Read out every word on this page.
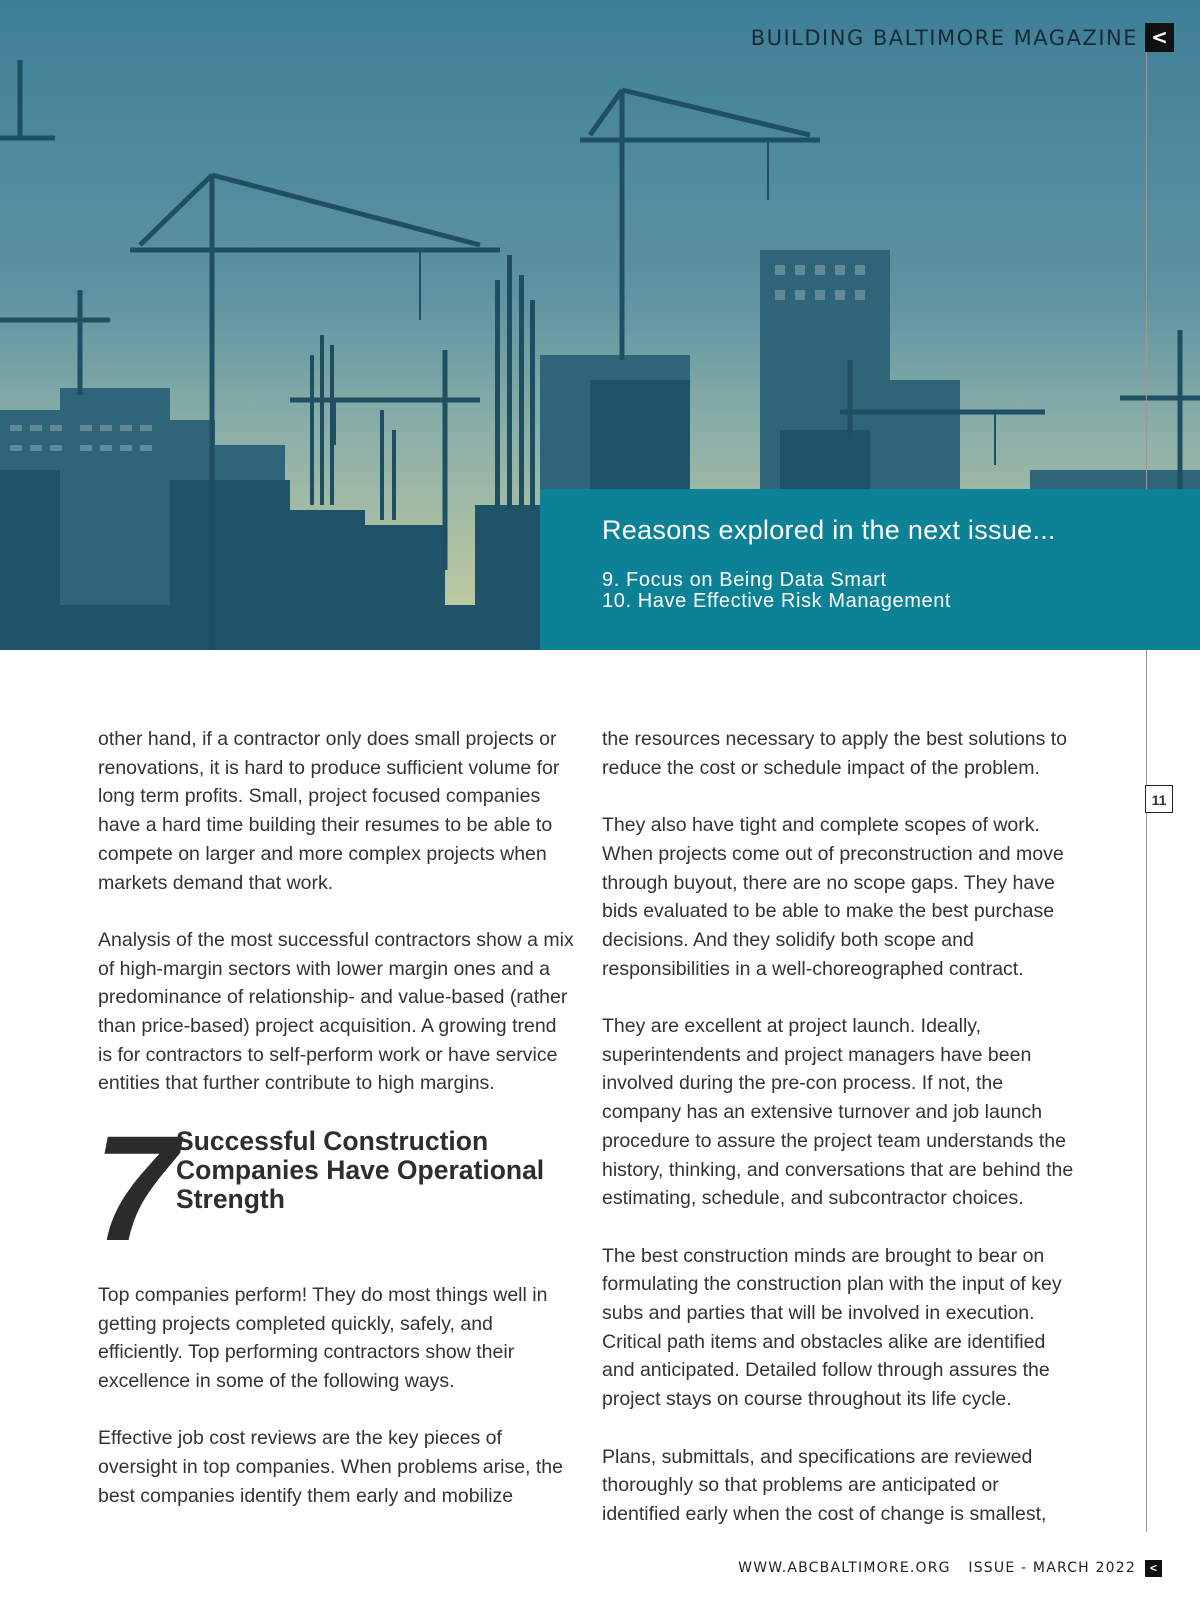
BUILDING BALTIMORE MAGAZINE <
Reasons explored in the next issue...

9. Focus on Being Data Smart

10. Have Effective Risk Management

11

other hand, if a contractor only does small projects or renovations, it is hard to produce sufficient volume for long term profits. Small, project focused companies have a hard time building their resumes to be able to compete on larger and more complex projects when markets demand that work.

Analysis of the most successful contractors show a mix of high-margin sectors with lower margin ones and a predominance of relationship- and value-based (rather than price-based) project acquisition. A growing trend is for contractors to self-perform work or have service entities that further contribute to high margins.

7 Successful Construction
Companies Have Operational
Strength

Top companies perform! They do most things well in getting projects completed quickly, safely, and efficiently. Top performing contractors show their excellence in some of the following ways.

Effective job cost reviews are the key pieces of oversight in top companies. When problems arise, the best companies identify them early and mobilize

the resources necessary to apply the best solutions to reduce the cost or schedule impact of the problem.

They also have tight and complete scopes of work. When projects come out of preconstruction and move through buyout, there are no scope gaps. They have bids evaluated to be able to make the best purchase decisions. And they solidify both scope and responsibilities in a well-choreographed contract.

They are excellent at project launch. Ideally, superintendents and project managers have been involved during the pre-con process. If not, the company has an extensive turnover and job launch procedure to assure the project team understands the history, thinking, and conversations that are behind the estimating, schedule, and subcontractor choices.

The best construction minds are brought to bear on formulating the construction plan with the input of key subs and parties that will be involved in execution. Critical path items and obstacles alike are identified and anticipated. Detailed follow through assures the project stays on course throughout its life cycle.

Plans, submittals, and specifications are reviewed thoroughly so that problems are anticipated or identified early when the cost of change is smallest,

WWW.ABCBALTIMORE.ORG ISSUE - MARCH 2022	<
